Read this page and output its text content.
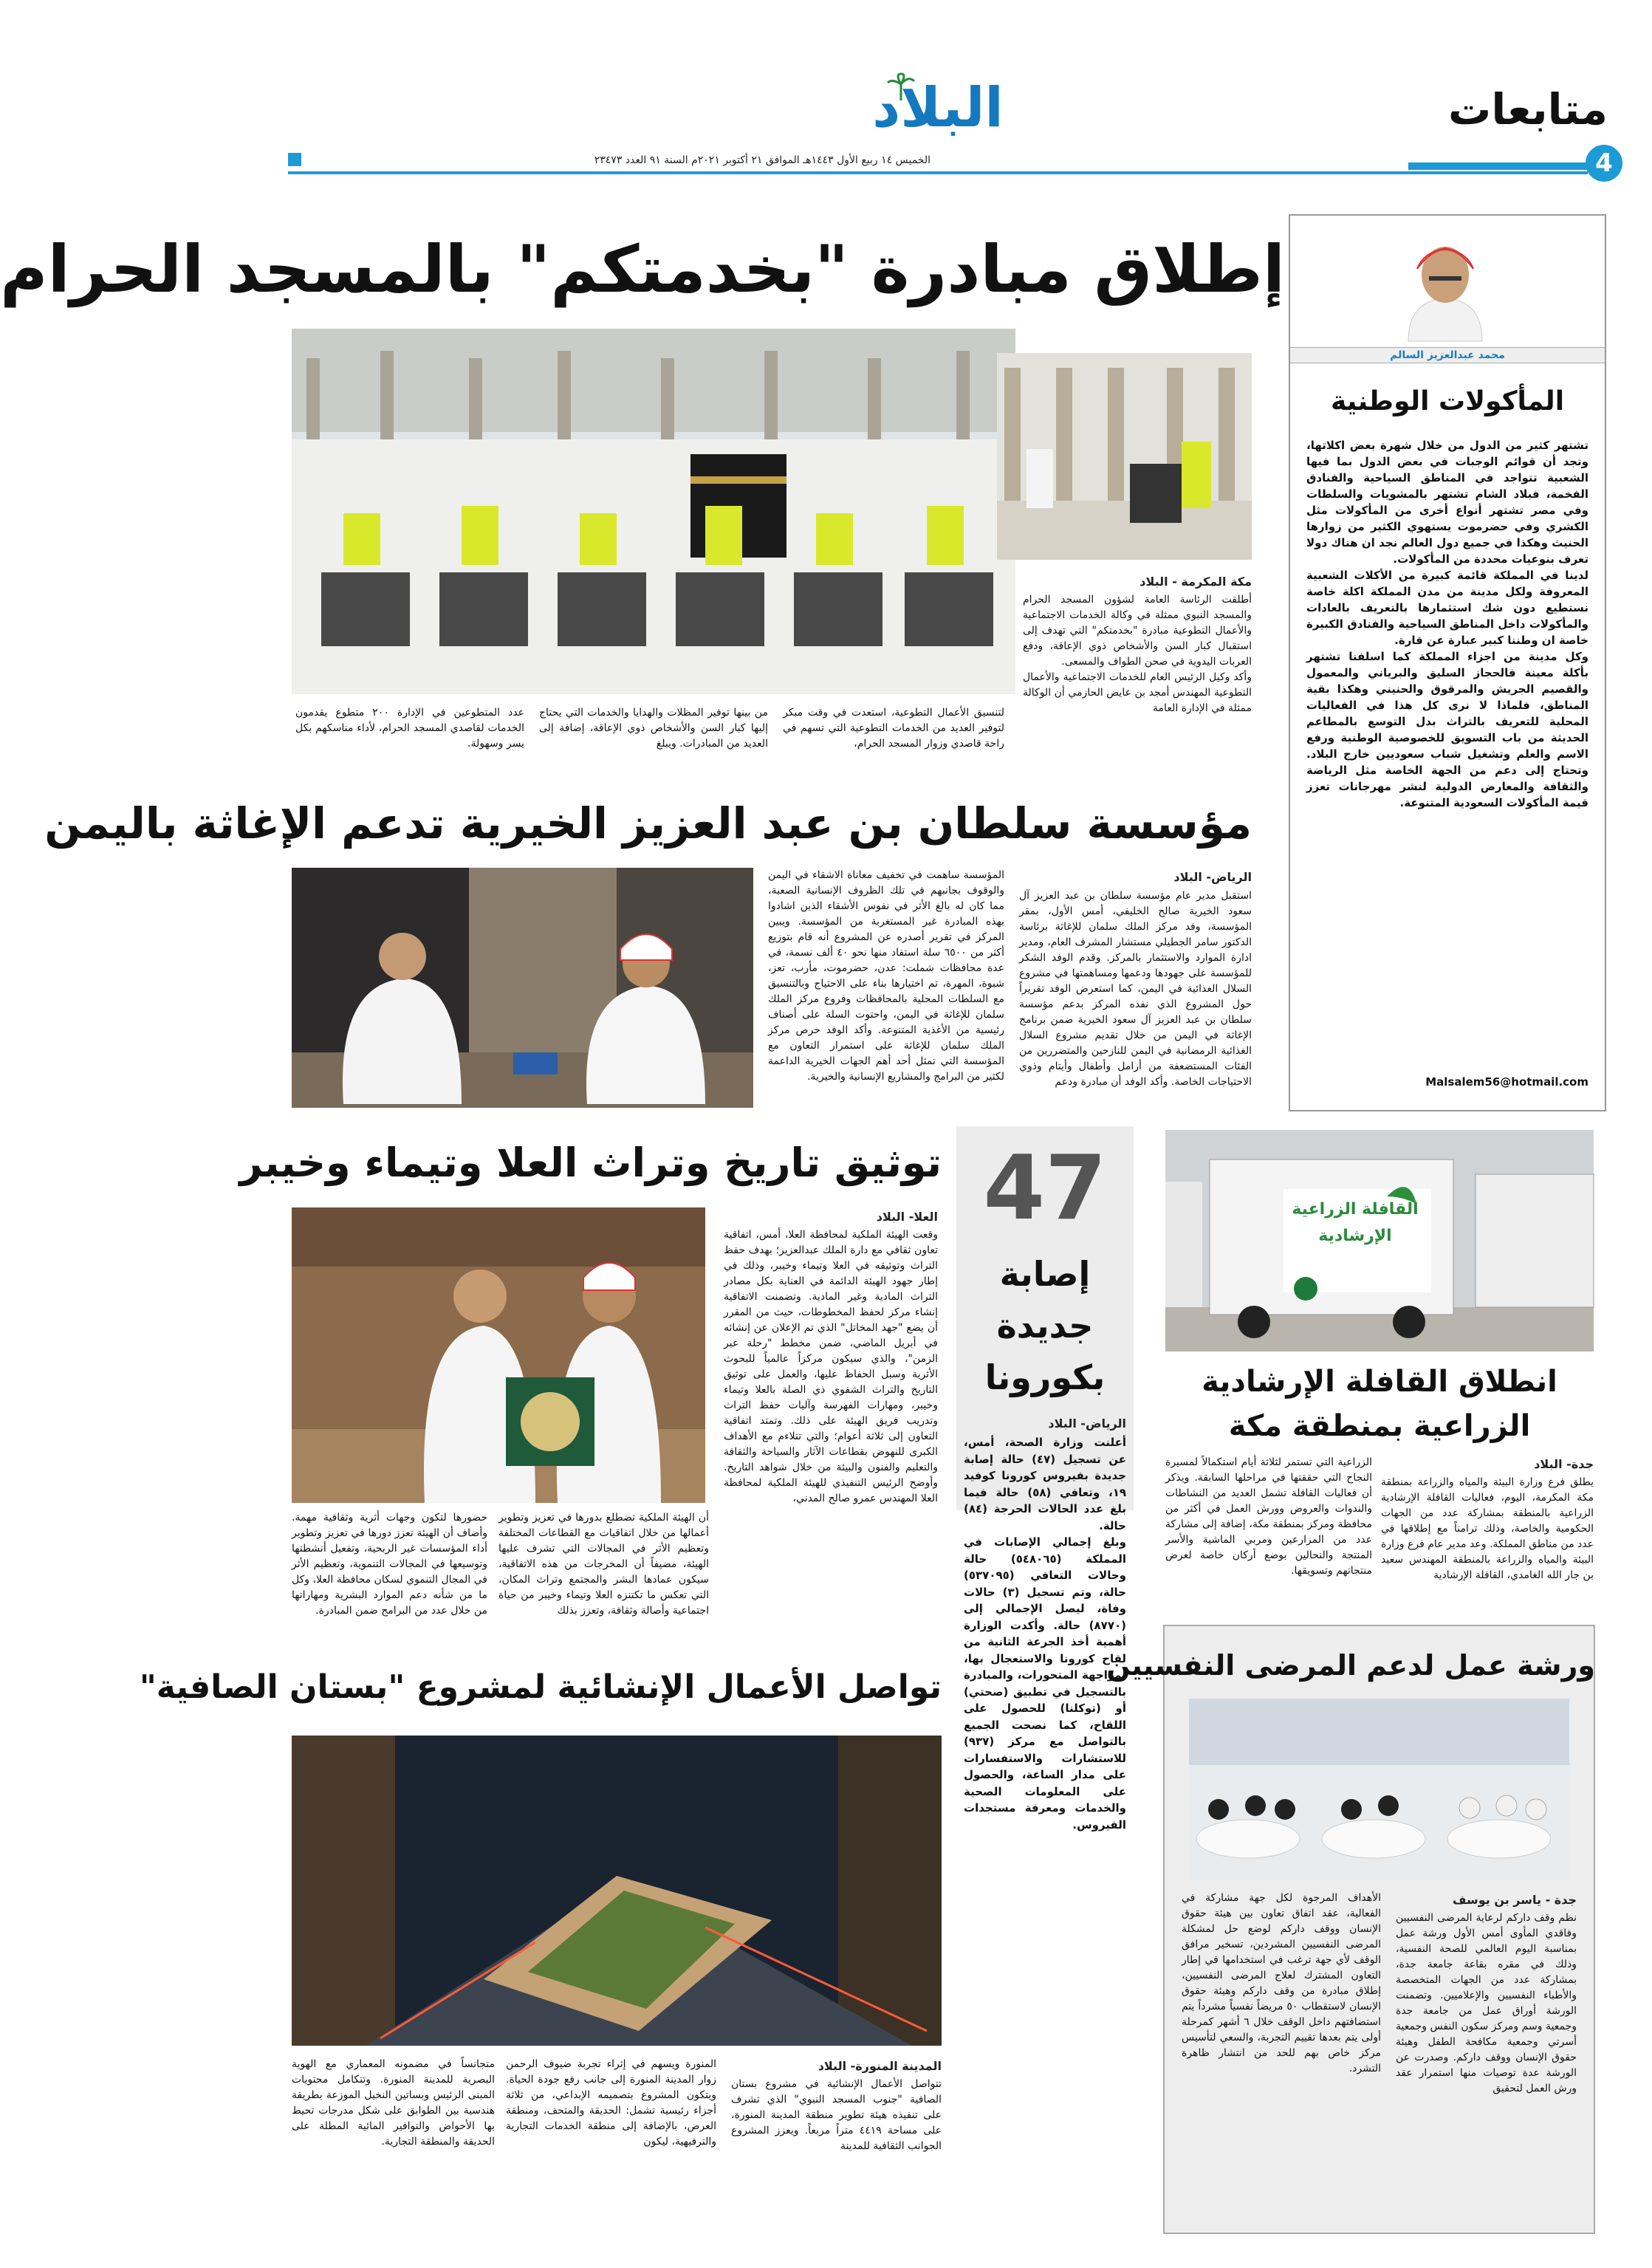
متابعات
4
البلاد
الخميس ١٤ ربيع الأول ١٤٤٣هـ الموافق ٢١ أكتوبر ٢٠٢١م السنة ٩١ العدد ٢٣٤٧٣
محمد عبدالعزيز السالم
المأكولات الوطنية
تشتهر كثير من الدول من خلال شهرة بعض اكلاتها، وتجد أن قوائم الوجبات في بعض الدول بما فيها الشعبية تتواجد في المناطق السياحية والفنادق الفخمة، فبلاد الشام تشتهر بالمشويات والسلطات وفي مصر تشتهر أنواع أخرى من المأكولات مثل الكشري وفي حضرموت يستهوي الكثير من زوارها الحنيث وهكذا في جميع دول العالم نجد ان هناك دولا تعرف بنوعيات محددة من المأكولات.
لدينا في المملكة قائمة كبيرة من الأكلات الشعبية المعروفة ولكل مدينة من مدن المملكة اكلة خاصة نستطيع دون شك استثمارها بالتعريف بالعادات والمأكولات داخل المناطق السياحية والفنادق الكبيرة خاصة ان وطننا كبير عبارة عن قارة.
وكل مدينة من اجزاء المملكة كما اسلفنا تشتهر بأكلة معينة فالحجاز السليق والبرياني والمعمول والقصيم الجريش والمرقوق والحنيني وهكذا بقية المناطق، فلماذا لا نرى كل هذا في الفعاليات المحلية للتعريف بالتراث بدل التوسع بالمطاعم الحديثة من باب التسويق للخصوصية الوطنية ورفع الاسم والعلم وتشغيل شباب سعوديين خارج البلاد. وتحتاج إلى دعم من الجهة الخاصة مثل الرياضة والثقافة والمعارض الدولية لنشر مهرجانات تعزز قيمة المأكولات السعودية المتنوعة.
Malsalem56@hotmail.com
إطلاق مبادرة "بخدمتكم" بالمسجد الحرام
مكة المكرمة - البلاد
أطلقت الرئاسة العامة لشؤون المسجد الحرام والمسجد النبوي ممثلة في وكالة الخدمات الاجتماعية والأعمال التطوعية مبادرة "بخدمتكم" التي تهدف إلى استقبال كبار السن والأشخاص ذوي الإعاقة، ودفع العربات اليدوية في صحن الطواف والمسعى.
وأكد وكيل الرئيس العام للخدمات الاجتماعية والأعمال التطوعية المهندس أمجد بن عايض الحازمي أن الوكالة ممثلة في الإدارة العامة
لتنسيق الأعمال التطوعية، استعدت في وقت مبكر لتوفير العديد من الخدمات التطوعية التي تسهم في راحة قاصدي وزوار المسجد الحرام،
من بينها توفير المظلات والهدايا والخدمات التي يحتاج إليها كبار السن والأشخاص ذوي الإعاقة، إضافة إلى العديد من المبادرات. ويبلغ
عدد المتطوعين في الإدارة ٢٠٠ متطوع يقدمون الخدمات لقاصدي المسجد الحرام، لأداء مناسكهم بكل يسر وسهولة.
مؤسسة سلطان بن عبد العزيز الخيرية تدعم الإغاثة باليمن
الرياض- البلاد
استقبل مدير عام مؤسسة سلطان بن عبد العزيز آل سعود الخيرية صالح الخليفي، أمس الأول، بمقر المؤسسة، وفد مركز الملك سلمان للإغاثة برئاسة الدكتور سامر الجطيلي مستشار المشرف العام، ومدير ادارة الموارد والاستثمار بالمركز. وقدم الوفد الشكر للمؤسسة على جهودها ودعمها ومساهمتها في مشروع السلال الغذائية في اليمن، كما استعرض الوفد تقريراً حول المشروع الذي نفذه المركز بدعم مؤسسة سلطان بن عبد العزيز آل سعود الخيرية ضمن برنامج الإغاثة في اليمن من خلال تقديم مشروع السلال الغذائية الرمضانية في اليمن للنازحين والمتضررين من الفئات المستضعفة من أرامل وأطفال وأيتام وذوي الاحتياجات الخاصة. وأكد الوفد أن مبادرة ودعم
المؤسسة ساهمت في تخفيف معاناة الاشقاء في اليمن والوقوف بجانبهم في تلك الظروف الإنسانية الصعبة، مما كان له بالغ الأثر في نفوس الأشقاء الذين اشادوا بهذه المبادرة غير المستغربة من المؤسسة. ويبين المركز في تقرير أصدره عن المشروع أنه قام بتوزيع أكثر من ٦٥٠٠ سلة استفاد منها نحو ٤٠ ألف نسمة، في عدة محافظات شملت: عدن، حضرموت، مأرب، تعز، شبوة، المهرة، تم اختيارها بناء على الاحتياج وبالتنسيق مع السلطات المحلية بالمحافظات وفروع مركز الملك سلمان للإغاثة في اليمن، واحتوت السلة على أصناف رئيسية من الأغذية المتنوعة. وأكد الوفد حرص مركز الملك سلمان للإغاثة على استمرار التعاون مع المؤسسة التي تمثل أحد أهم الجهات الخيرية الداعمة لكثير من البرامج والمشاريع الإنسانية والخيرية.
توثيق تاريخ وتراث العلا وتيماء وخيبر
العلا- البلاد
وقعت الهيئة الملكية لمحافظة العلا، أمس، اتفاقية تعاون ثقافي مع دارة الملك عبدالعزيز؛ بهدف حفظ التراث وتوثيقه في العلا وتيماء وخيبر، وذلك في إطار جهود الهيئة الدائمة في العناية بكل مصادر التراث المادية وغير المادية. وتضمنت الاتفاقية إنشاء مركز لحفظ المخطوطات، حيث من المقرر أن يضع "جهد المخاتل" الذي تم الإعلان عن إنشائه في أبريل الماضي، ضمن مخطط "رحلة عبر الزمن"، والذي سيكون مركزاً عالمياً للبحوث الأثرية وسبل الحفاظ عليها، والعمل على توثيق التاريخ والتراث الشفوي ذي الصلة بالعلا وتيماء وخيبر، ومهارات الفهرسة وآليات حفظ التراث وتدريب فريق الهيئة على ذلك. وتمتد اتفاقية التعاون إلى ثلاثة أعوام؛ والتي تتلاءم مع الأهداف الكبرى للنهوض بقطاعات الآثار والسياحة والثقافة والتعليم والفنون والبيئة من خلال شواهد التاريخ. وأوضح الرئيس التنفيذي للهيئة الملكية لمحافظة العلا المهندس عمرو صالح المدني،
أن الهيئة الملكية تضطلع بدورها في تعزيز وتطوير أعمالها من خلال اتفاقيات مع القطاعات المختلفة وتعظيم الأثر في المجالات التي تشرف عليها الهيئة، مضيفاً أن المخرجات من هذه الاتفاقية، سيكون عمادها البشر والمجتمع وتراث المكان، التي تعكس ما تكتنزه العلا وتيماء وخيبر من حياة اجتماعية وأصالة وثقافة، وتعزز بذلك
حضورها لتكون وجهات أثرية وثقافية مهمة. وأضاف أن الهيئة تعزز دورها في تعزيز وتطوير أداء المؤسسات غير الربحية، وتفعيل أنشطتها وتوسيعها في المجالات التنموية، وتعظيم الأثر في المجال التنموي لسكان محافظة العلا، وكل ما من شأنه دعم الموارد البشرية ومهاراتها من خلال عدد من البرامج ضمن المبادرة.
47
إصابة
جديدة
بكورونا
الرياض- البلاد
أعلنت وزارة الصحة، أمس، عن تسجيل (٤٧) حالة إصابة جديدة بفيروس كورونا كوفيد ١٩، وتعافي (٥٨) حالة فيما بلغ عدد الحالات الحرجة (٨٤) حالة.
وبلغ إجمالي الإصابات في المملكة (٥٤٨٠٦٥) حالة وحالات التعافي (٥٣٧٠٩٥) حالة، وتم تسجيل (٣) حالات وفاة، ليصل الإجمالي إلى (٨٧٧٠) حالة. وأكدت الوزارة أهمية أخذ الجرعة الثانية من لقاح كورونا والاستعجال بها، لمواجهة المتحورات، والمبادرة بالتسجيل في تطبيق (صحتي) أو (توكلنا) للحصول على اللقاح، كما نصحت الجميع بالتواصل مع مركز (٩٣٧) للاستشارات والاستفسارات على مدار الساعة، والحصول على المعلومات الصحية والخدمات ومعرفة مستجدات الفيروس.
القافلة الزراعية الإرشادية
انطلاق القافلة الإرشادية
الزراعية بمنطقة مكة
جدة- البلاد
يطلق فرع وزارة البيئة والمياه والزراعة بمنطقة مكة المكرمة، اليوم، فعاليات القافلة الإرشادية الزراعية بالمنطقة بمشاركة عدد من الجهات الحكومية والخاصة، وذلك ترامناً مع إطلاقها في عدد من مناطق المملكة. وعد مدير عام فرع وزارة البيئة والمياه والزراعة بالمنطقة المهندس سعيد بن جار الله الغامدي، القافلة الإرشادية
الزراعية التي تستمر لثلاثة أيام استكمالاً لمسيرة النجاح التي حققتها في مراحلها السابقة. ويذكر أن فعاليات القافلة تشمل العديد من النشاطات والندوات والعروض وورش العمل في أكثر من محافظة ومركز بمنطقة مكة، إضافة إلى مشاركة عدد من المزارعين ومربي الماشية والأسر المنتجة والنحالين بوضع أركان خاصة لعرض منتجاتهم وتسويقها.
تواصل الأعمال الإنشائية لمشروع "بستان الصافية"
المدينة المنورة- البلاد
تتواصل الأعمال الإنشائية في مشروع بستان الصافية "جنوب المسجد النبوي" الذي تشرف على تنفيذه هيئة تطوير منطقة المدينة المنورة، على مساحة ٤٤١٩ متراً مربعاً. ويعزز المشروع الجوانب الثقافية للمدينة
المنورة ويسهم في إثراء تجربة ضيوف الرحمن زوار المدينة المنورة إلى جانب رفع جودة الحياة. ويتكون المشروع بتصميمه الإبداعي، من ثلاثة أجزاء رئيسية تشمل: الحديقة والمتحف، ومنطقة العرض، بالإضافة إلى منطقة الخدمات التجارية والترفيهية، ليكون
متجانساً في مضمونه المعماري مع الهوية البصرية للمدينة المنورة. وتتكامل محتويات المبنى الرئيس وبساتين النخيل الموزعة بطريقة هندسية بين الطوابق على شكل مدرجات تحيط بها الأحواض والنوافير المائية المطلة على الحديقة والمنطقة التجارية.
ورشة عمل لدعم المرضى النفسيين
جدة - ياسر بن يوسف
نظم وقف داركم لرعاية المرضى النفسيين وفاقدي المأوى أمس الأول ورشة عمل بمناسبة اليوم العالمي للصحة النفسية، وذلك في مقره بقاعة جامعة جدة، بمشاركة عدد من الجهات المتخصصة والأطباء النفسيين والإعلاميين. وتضمنت الورشة أوراق عمل من جامعة جدة وجمعية وسم ومركز سكون النفس وجمعية أسرتي وجمعية مكافحة الطفل وهيئة حقوق الإنسان ووقف داركم. وصدرت عن الورشة عدة توصيات منها استمرار عقد ورش العمل لتحقيق
الأهداف المرجوة لكل جهة مشاركة في الفعالية، عقد اتفاق تعاون بين هيئة حقوق الإنسان ووقف داركم لوضع حل لمشكلة المرضى النفسيين المشردين، تسخير مرافق الوقف لأي جهة ترغب في استخدامها في إطار التعاون المشترك لعلاج المرضى النفسيين، إطلاق مبادرة من وقف داركم وهيئة حقوق الإنسان لاستقطاب ٥٠ مريضاً نفسياً مشرداً يتم استضافتهم داخل الوقف خلال ٦ أشهر كمرحلة أولى يتم بعدها تقييم التجربة، والسعي لتأسيس مركز خاص بهم للحد من انتشار ظاهرة التشرد.
